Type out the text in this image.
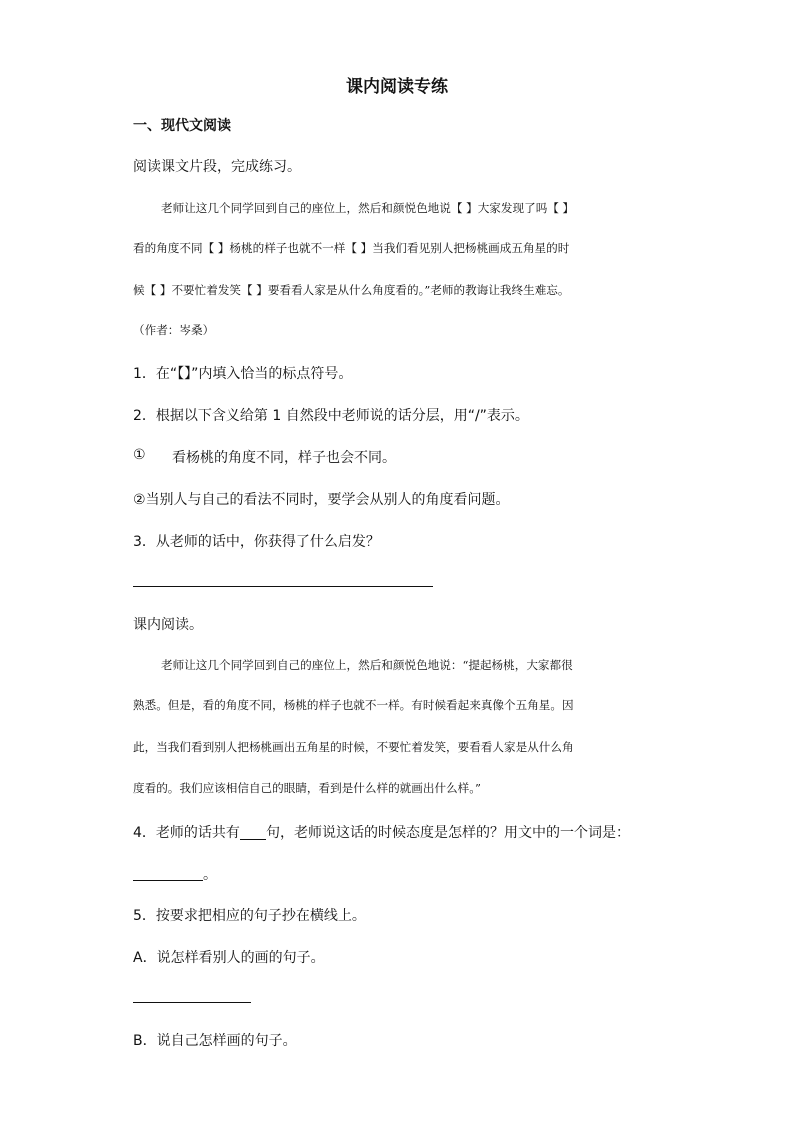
课内阅读专练
一、现代文阅读
阅读课文片段，完成练习。
老师让这几个同学回到自己的座位上，然后和颜悦色地说【 】大家发现了吗【 】
看的角度不同【 】杨桃的样子也就不一样【 】当我们看见别人把杨桃画成五角星的时
候【 】不要忙着发笑【 】要看看人家是从什么角度看的。”老师的教诲让我终生难忘。
（作者：岑桑）
1．在“【】”内填入恰当的标点符号。
2．根据以下含义给第 1 自然段中老师说的话分层，用“/”表示。
① 看杨桃的角度不同，样子也会不同。
②当别人与自己的看法不同时，要学会从别人的角度看问题。
3．从老师的话中，你获得了什么启发？
课内阅读。
老师让这几个同学回到自己的座位上，然后和颜悦色地说：“提起杨桃，大家都很
熟悉。但是，看的角度不同，杨桃的样子也就不一样。有时候看起来真像个五角星。因
此，当我们看到别人把杨桃画出五角星的时候，不要忙着发笑，要看看人家是从什么角
度看的。我们应该相信自己的眼睛，看到是什么样的就画出什么样。”
4．老师的话共有 句，老师说这话的时候态度是怎样的？用文中的一个词是：
。
5．按要求把相应的句子抄在横线上。
A．说怎样看别人的画的句子。
B．说自己怎样画的句子。
